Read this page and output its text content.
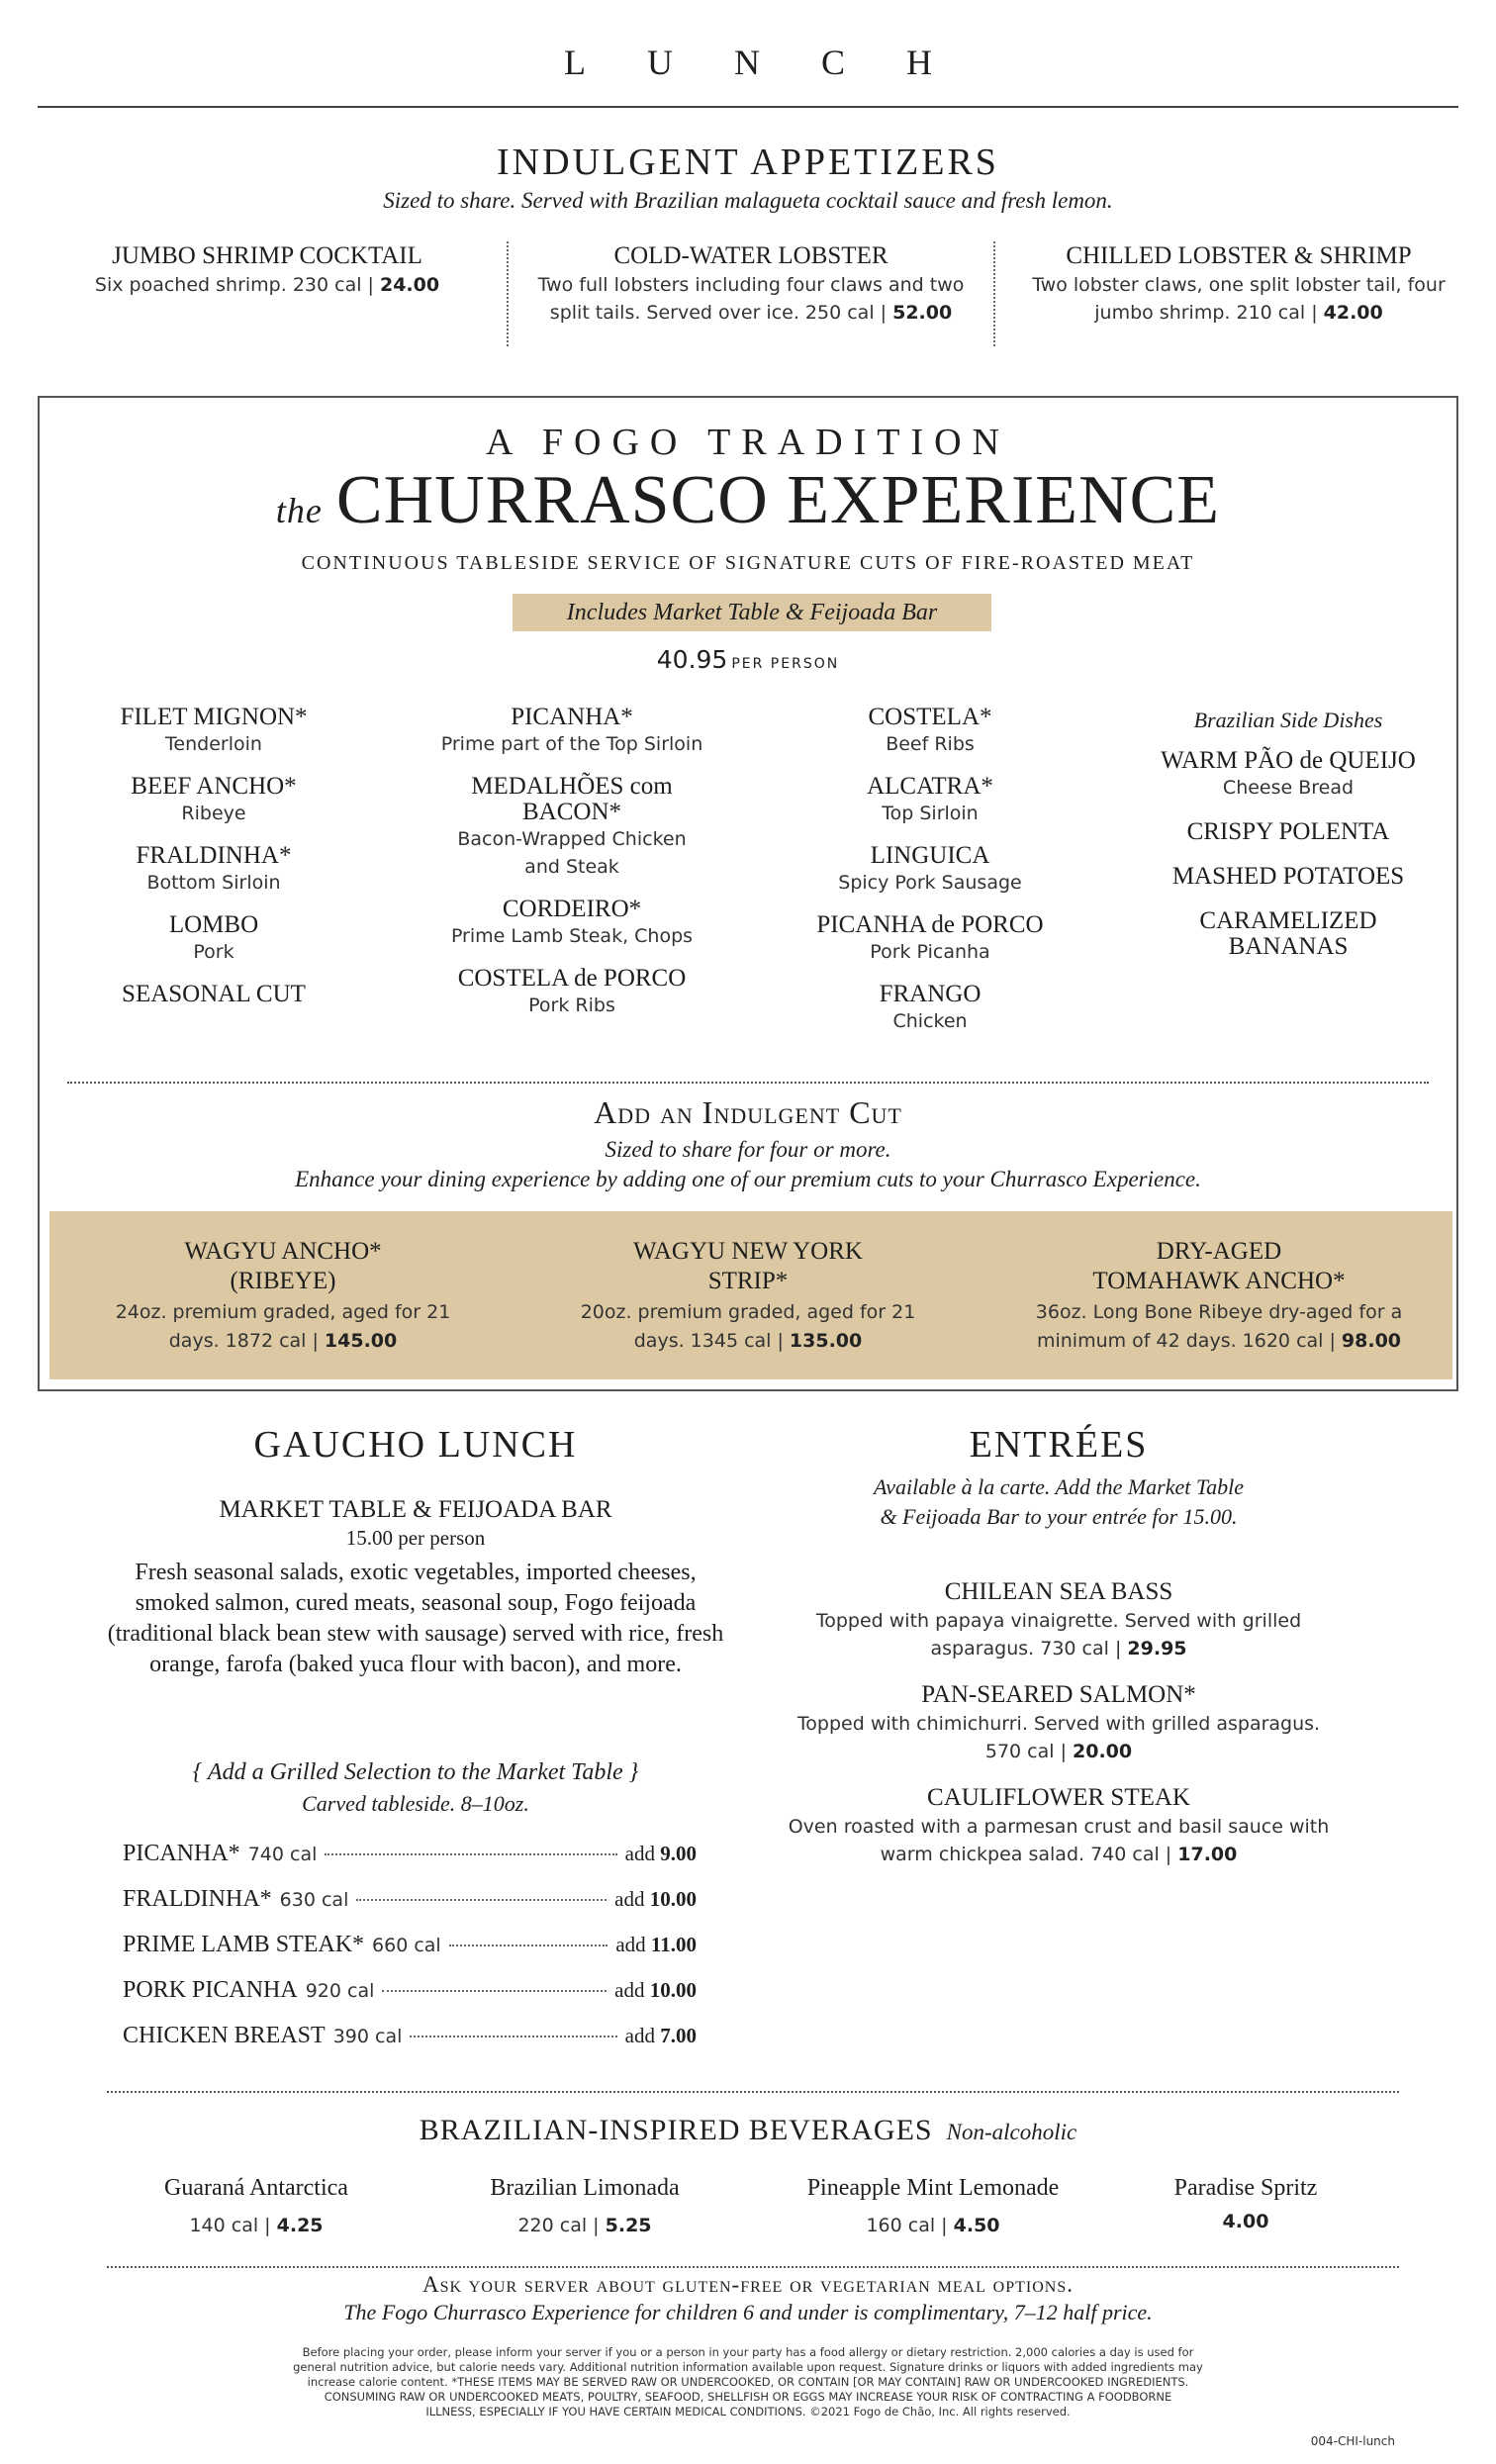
LUNCH
INDULGENT APPETIZERS
Sized to share. Served with Brazilian malagueta cocktail sauce and fresh lemon.
JUMBO SHRIMP COCKTAIL
Six poached shrimp. 230 cal | 24.00
COLD-WATER LOBSTER
Two full lobsters including four claws and two
split tails. Served over ice. 250 cal | 52.00
CHILLED LOBSTER & SHRIMP
Two lobster claws, one split lobster tail, four
jumbo shrimp. 210 cal | 42.00
A FOGO TRADITION
the CHURRASCO EXPERIENCE
CONTINUOUS TABLESIDE SERVICE OF SIGNATURE CUTS OF FIRE-ROASTED MEAT
Includes Market Table & Feijoada Bar
40.95 PER PERSON
FILET MIGNON*
Tenderloin
BEEF ANCHO*
Ribeye
FRALDINHA*
Bottom Sirloin
LOMBO
Pork
SEASONAL CUT
PICANHA*
Prime part of the Top Sirloin
MEDALHÕES com BACON*
Bacon-Wrapped Chicken and Steak
CORDEIRO*
Prime Lamb Steak, Chops
COSTELA de PORCO
Pork Ribs
COSTELA*
Beef Ribs
ALCATRA*
Top Sirloin
LINGUICA
Spicy Pork Sausage
PICANHA de PORCO
Pork Picanha
FRANGO
Chicken
Brazilian Side Dishes
WARM PÃO de QUEIJO
Cheese Bread
CRISPY POLENTA
MASHED POTATOES
CARAMELIZED BANANAS
Add an Indulgent Cut
Sized to share for four or more.
Enhance your dining experience by adding one of our premium cuts to your Churrasco Experience.
WAGYU ANCHO*
(RIBEYE)
24oz. premium graded, aged for 21
days. 1872 cal | 145.00
WAGYU NEW YORK
STRIP*
20oz. premium graded, aged for 21
days. 1345 cal | 135.00
DRY-AGED
TOMAHAWK ANCHO*
36oz. Long Bone Ribeye dry-aged for a
minimum of 42 days. 1620 cal | 98.00
GAUCHO LUNCH
MARKET TABLE & FEIJOADA BAR
15.00 per person
Fresh seasonal salads, exotic vegetables, imported cheeses, smoked salmon, cured meats, seasonal soup, Fogo feijoada (traditional black bean stew with sausage) served with rice, fresh orange, farofa (baked yuca flour with bacon), and more.
{ Add a Grilled Selection to the Market Table }
Carved tableside. 8–10oz.
PICANHA* 740 cal	add 9.00
FRALDINHA* 630 cal	add 10.00
PRIME LAMB STEAK* 660 cal	add 11.00
PORK PICANHA 920 cal	add 10.00
CHICKEN BREAST 390 cal	add 7.00
ENTRÉES
Available à la carte. Add the Market Table & Feijoada Bar to your entrée for 15.00.
CHILEAN SEA BASS
Topped with papaya vinaigrette. Served with grilled
asparagus. 730 cal | 29.95
PAN-SEARED SALMON*
Topped with chimichurri. Served with grilled asparagus.
570 cal | 20.00
CAULIFLOWER STEAK
Oven roasted with a parmesan crust and basil sauce with
warm chickpea salad. 740 cal | 17.00
BRAZILIAN-INSPIRED BEVERAGES Non-alcoholic
Guaraná Antarctica
140 cal | 4.25
Brazilian Limonada
220 cal | 5.25
Pineapple Mint Lemonade
160 cal | 4.50
Paradise Spritz
4.00
Ask your server about gluten-free or vegetarian meal options.
The Fogo Churrasco Experience for children 6 and under is complimentary, 7–12 half price.
Before placing your order, please inform your server if you or a person in your party has a food allergy or dietary restriction. 2,000 calories a day is used for
general nutrition advice, but calorie needs vary. Additional nutrition information available upon request. Signature drinks or liquors with added ingredients may
increase calorie content. *THESE ITEMS MAY BE SERVED RAW OR UNDERCOOKED, OR CONTAIN [OR MAY CONTAIN] RAW OR UNDERCOOKED INGREDIENTS.
CONSUMING RAW OR UNDERCOOKED MEATS, POULTRY, SEAFOOD, SHELLFISH OR EGGS MAY INCREASE YOUR RISK OF CONTRACTING A FOODBORNE
ILLNESS, ESPECIALLY IF YOU HAVE CERTAIN MEDICAL CONDITIONS. ©2021 Fogo de Chão, Inc. All rights reserved.
004-CHI-lunch
